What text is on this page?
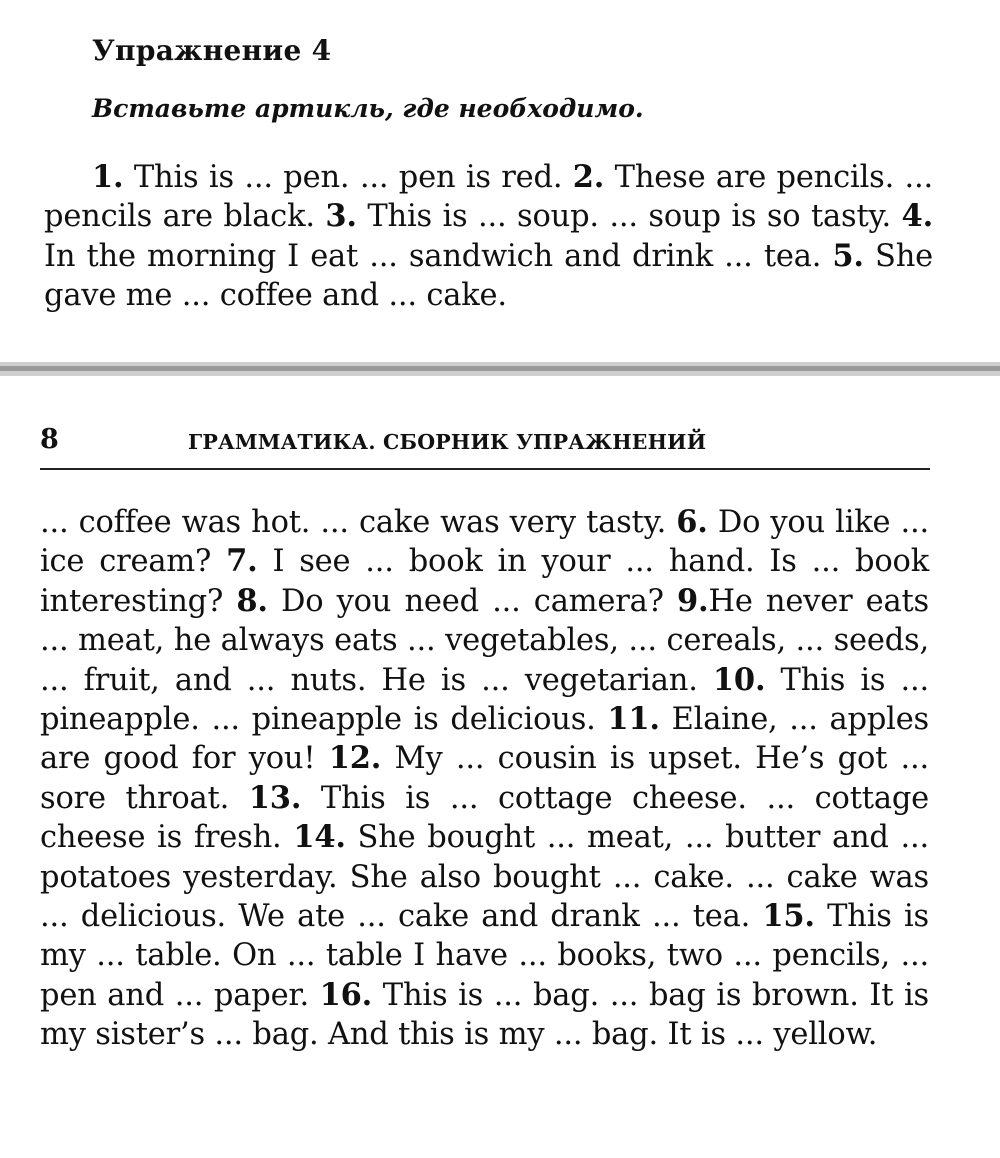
Упражнение 4
Вставьте артикль, где необходимо.

1. This is ... pen. ... pen is red. 2. These are pencils. ... pencils are black. 3. This is ... soup. ... soup is so tasty. 4. In the morning I eat ... sandwich and drink ... tea. 5. She gave me ... coffee and ... cake.

8	ГРАММАТИКА. СБОРНИК УПРАЖНЕНИЙ

... coffee was hot. ... cake was very tasty. 6. Do you like ... ice cream? 7. I see ... book in your ... hand. Is ... book interesting? 8. Do you need ... camera? 9.He never eats ... meat, he always eats ... vegetables, ... cereals, ... seeds, ... fruit, and ... nuts. He is ... vegetarian. 10. This is ... pineapple. ... pineapple is delicious. 11. Elaine, ... apples are good for you! 12. My ... cousin is upset. He’s got ... sore throat. 13. This is ... cottage cheese. ... cottage cheese is fresh. 14. She bought ... meat, ... butter and ... potatoes yesterday. She also bought ... cake. ... cake was ... delicious. We ate ... cake and drank ... tea. 15. This is my ... table. On ... table I have ... books, two ... pencils, ... pen and ... paper. 16. This is ... bag. ... bag is brown. It is my sister’s ... bag. And this is my ... bag. It is ... yellow.
